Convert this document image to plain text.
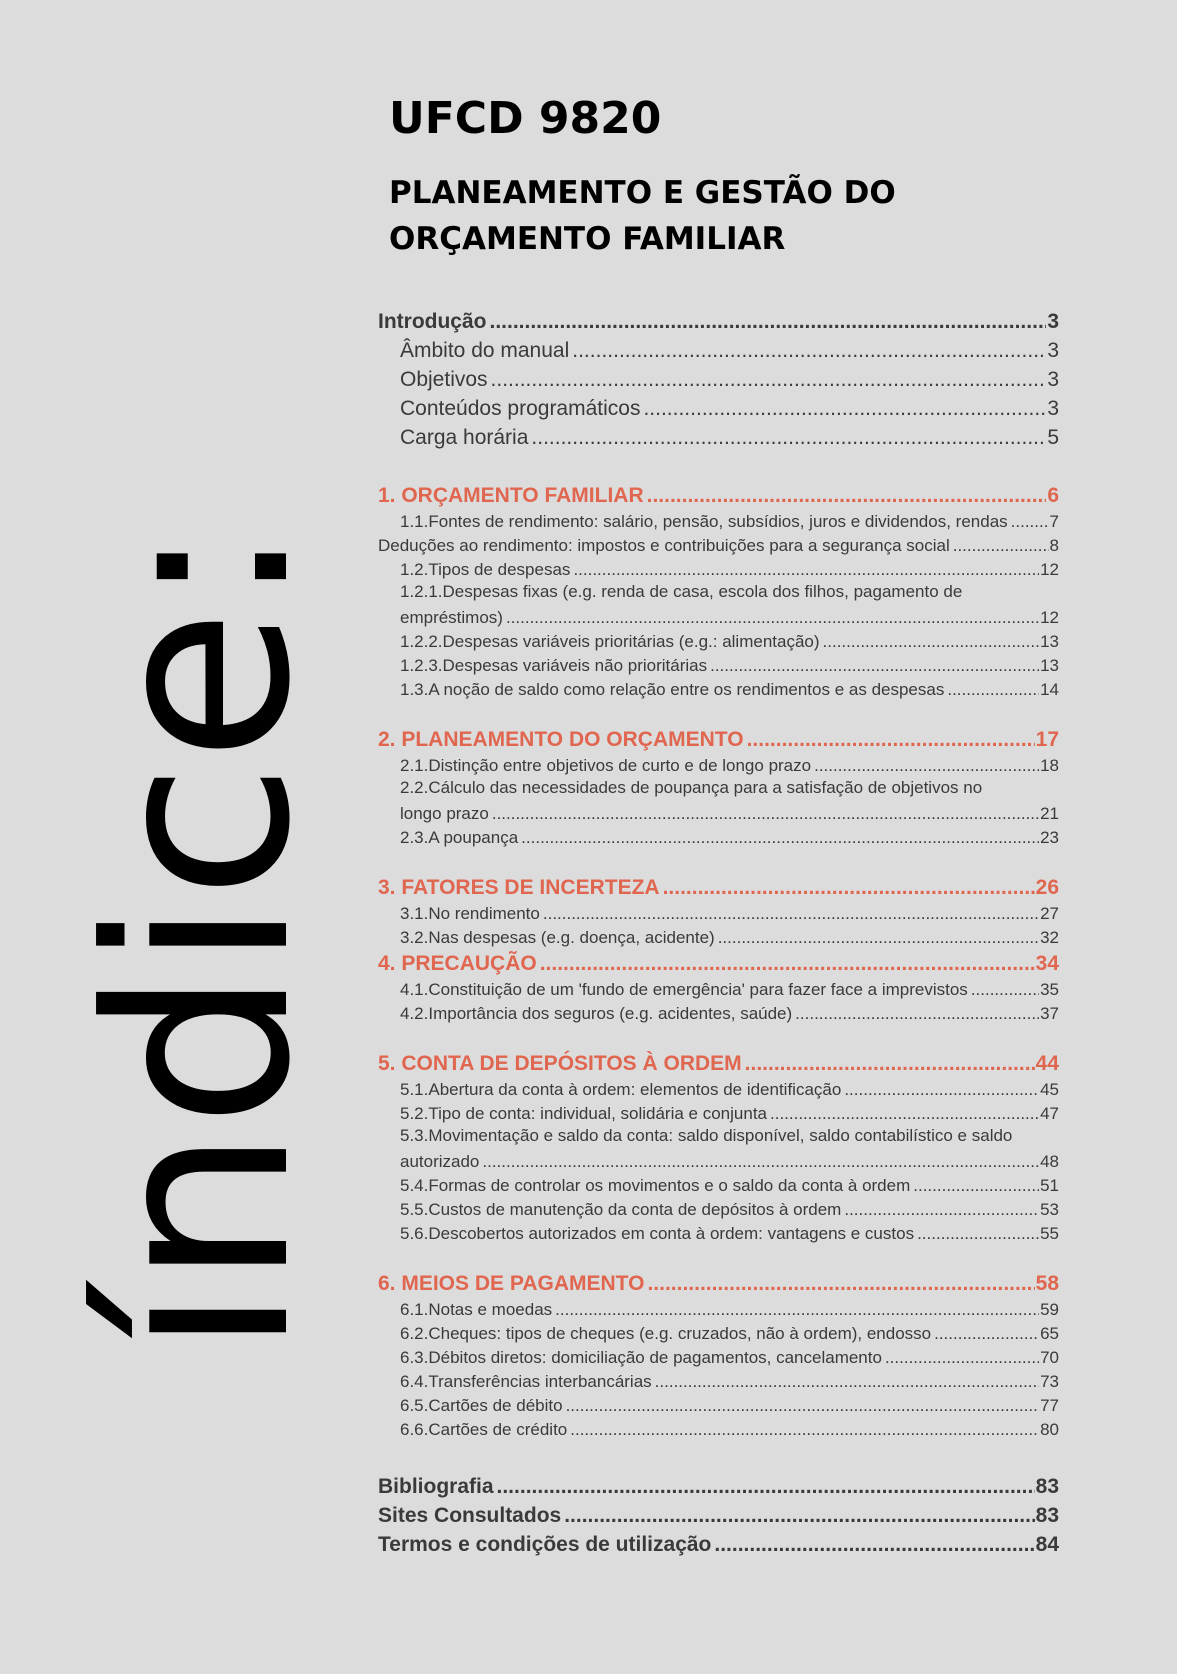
índice:
UFCD 9820
PLANEAMENTO E GESTÃO DO
ORÇAMENTO FAMILIAR
Introdução .....	3
Âmbito do manual .....	3
Objetivos .....	3
Conteúdos programáticos .....	3
Carga horária .....	5
1. ORÇAMENTO FAMILIAR .....	6
1.1.Fontes de rendimento: salário, pensão, subsídios, juros e dividendos, rendas ..... 7
Deduções ao rendimento: impostos e contribuições para a segurança social .....	8
1.2.Tipos de despesas .....	12
1.2.1.Despesas fixas (e.g. renda de casa, escola dos filhos, pagamento de
empréstimos) .....	12
1.2.2.Despesas variáveis prioritárias (e.g.: alimentação) .....	13
1.2.3.Despesas variáveis não prioritárias .....	13
1.3.A noção de saldo como relação entre os rendimentos e as despesas .....	14
2. PLANEAMENTO DO ORÇAMENTO .....	17
2.1.Distinção entre objetivos de curto e de longo prazo .....	18
2.2.Cálculo das necessidades de poupança para a satisfação de objetivos no
longo prazo .....	21
2.3.A poupança .....	23
3. FATORES DE INCERTEZA .....	26
3.1.No rendimento .....	27
3.2.Nas despesas (e.g. doença, acidente) .....	32
4. PRECAUÇÃO .....	34
4.1.Constituição de um 'fundo de emergência' para fazer face a imprevistos .....	35
4.2.Importância dos seguros (e.g. acidentes, saúde) .....	37
5. CONTA DE DEPÓSITOS À ORDEM .....	44
5.1.Abertura da conta à ordem: elementos de identificação .....	45
5.2.Tipo de conta: individual, solidária e conjunta .....	47
5.3.Movimentação e saldo da conta: saldo disponível, saldo contabilístico e saldo
autorizado .....	48
5.4.Formas de controlar os movimentos e o saldo da conta à ordem .....	51
5.5.Custos de manutenção da conta de depósitos à ordem .....	53
5.6.Descobertos autorizados em conta à ordem: vantagens e custos .....	55
6. MEIOS DE PAGAMENTO .....	58
6.1.Notas e moedas .....	59
6.2.Cheques: tipos de cheques (e.g. cruzados, não à ordem), endosso .....	65
6.3.Débitos diretos: domiciliação de pagamentos, cancelamento .....	70
6.4.Transferências interbancárias .....	73
6.5.Cartões de débito .....	77
6.6.Cartões de crédito .....	80
Bibliografia .....	83
Sites Consultados .....	83
Termos e condições de utilização .....	84
